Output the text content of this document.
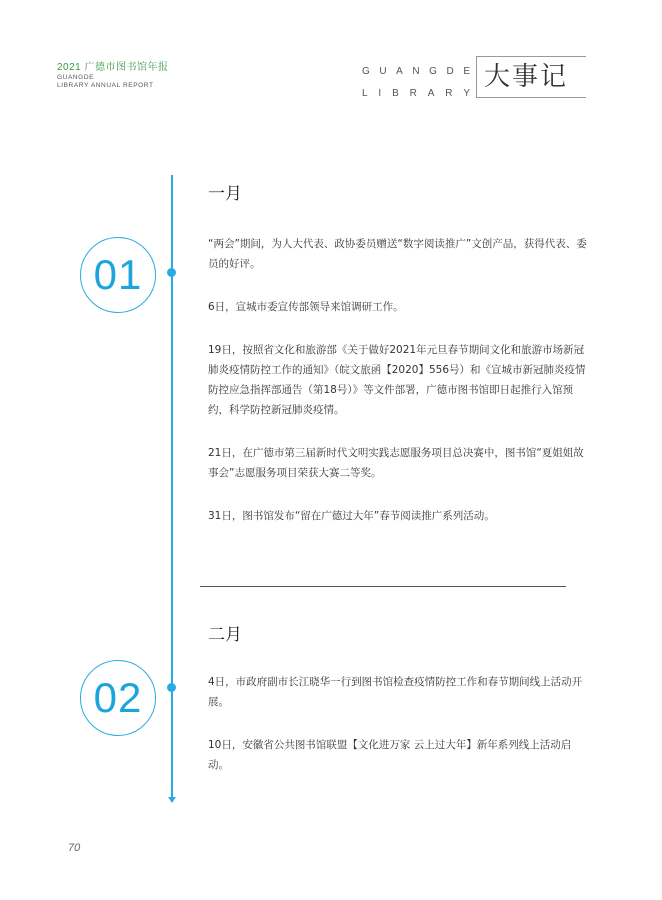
2021 广德市图书馆年报
GUANGDE
LIBRARY ANNUAL REPORT
G U A N G D E
L I B R A R Y
大事记
01
一月

“两会”期间，为人大代表、政协委员赠送“数字阅读推广”文创产品，获得代表、委员的好评。

6日，宣城市委宣传部领导来馆调研工作。

19日，按照省文化和旅游部《关于做好2021年元旦春节期间文化和旅游市场新冠肺炎疫情防控工作的通知》（皖文旅函【2020】556号）和《宣城市新冠肺炎疫情防控应急指挥部通告（第18号）》等文件部署，广德市图书馆即日起推行入馆预约，科学防控新冠肺炎疫情。

21日，在广德市第三届新时代文明实践志愿服务项目总决赛中，图书馆“夏姐姐故事会”志愿服务项目荣获大赛二等奖。

31日，图书馆发布“留在广德过大年”春节阅读推广系列活动。

02
二月

4日，市政府副市长江晓华一行到图书馆检查疫情防控工作和春节期间线上活动开展。

10日，安徽省公共图书馆联盟【文化进万家 云上过大年】新年系列线上活动启动。

70
